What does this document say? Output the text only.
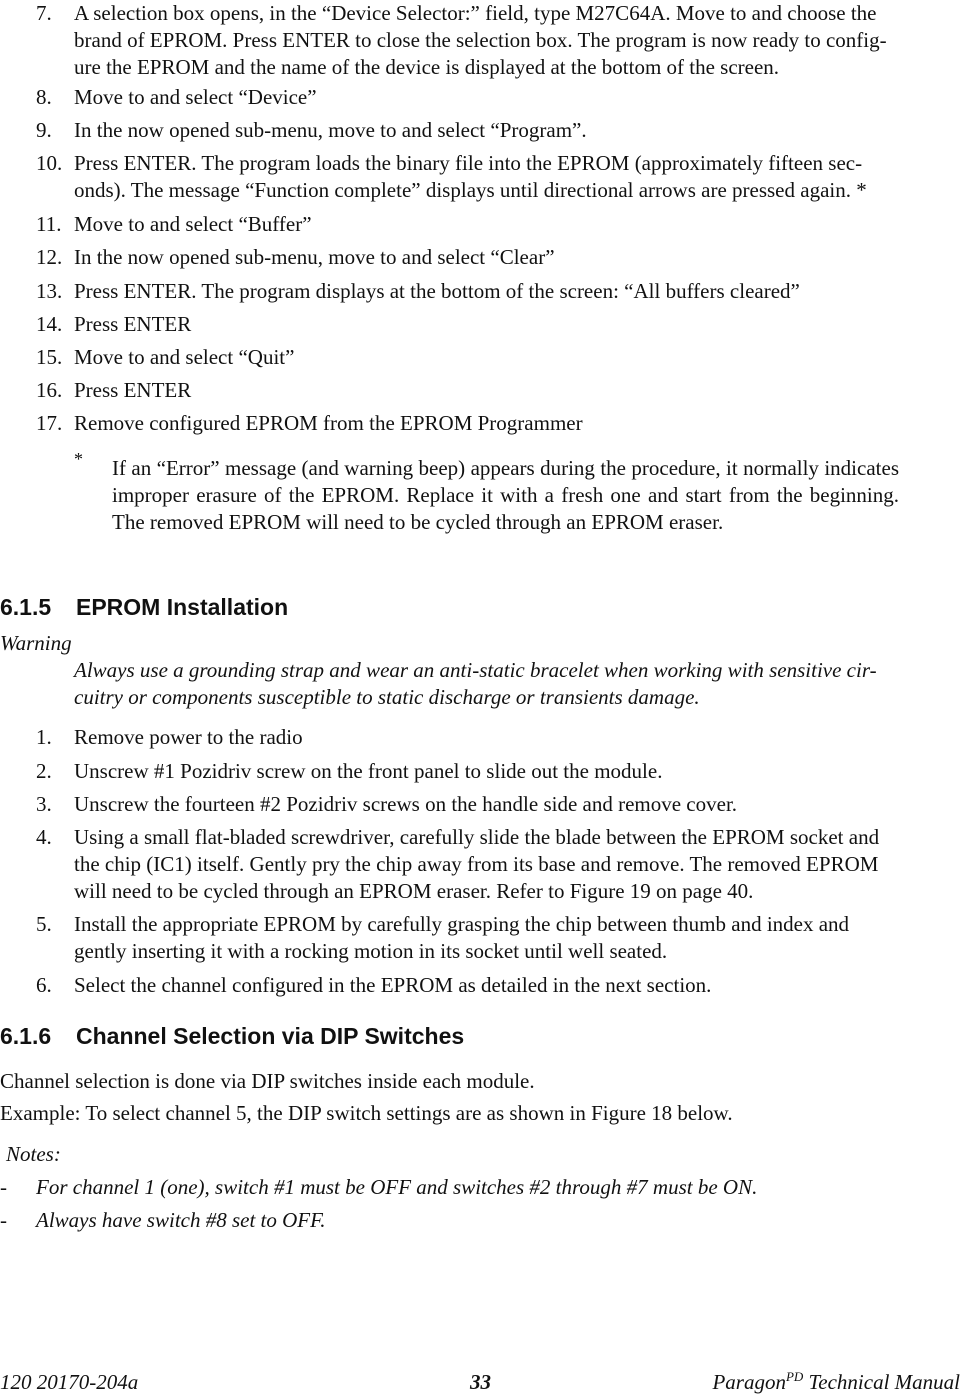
7. A selection box opens, in the “Device Selector:” field, type M27C64A. Move to and choose the
brand of EPROM. Press ENTER to close the selection box. The program is now ready to config-
ure the EPROM and the name of the device is displayed at the bottom of the screen.
8. Move to and select “Device”
9. In the now opened sub-menu, move to and select “Program”.
10. Press ENTER. The program loads the binary file into the EPROM (approximately fifteen sec-
onds). The message “Function complete” displays until directional arrows are pressed again. *
11. Move to and select “Buffer”
12. In the now opened sub-menu, move to and select “Clear”
13. Press ENTER. The program displays at the bottom of the screen: “All buffers cleared”
14. Press ENTER
15. Move to and select “Quit”
16. Press ENTER
17. Remove configured EPROM from the EPROM Programmer
* If an “Error” message (and warning beep) appears during the procedure, it normally indicates improper erasure of the EPROM. Replace it with a fresh one and start from the beginning. The removed EPROM will need to be cycled through an EPROM eraser.
6.1.5 EPROM Installation
Warning
Always use a grounding strap and wear an anti-static bracelet when working with sensitive cir-
cuitry or components susceptible to static discharge or transients damage.
1. Remove power to the radio
2. Unscrew #1 Pozidriv screw on the front panel to slide out the module.
3. Unscrew the fourteen #2 Pozidriv screws on the handle side and remove cover.
4. Using a small flat-bladed screwdriver, carefully slide the blade between the EPROM socket and
the chip (IC1) itself. Gently pry the chip away from its base and remove. The removed EPROM
will need to be cycled through an EPROM eraser. Refer to Figure 19 on page 40.
5. Install the appropriate EPROM by carefully grasping the chip between thumb and index and
gently inserting it with a rocking motion in its socket until well seated.
6. Select the channel configured in the EPROM as detailed in the next section.
6.1.6 Channel Selection via DIP Switches
Channel selection is done via DIP switches inside each module.
Example: To select channel 5, the DIP switch settings are as shown in Figure 18 below.
Notes:
- For channel 1 (one), switch #1 must be OFF and switches #2 through #7 must be ON.
- Always have switch #8 set to OFF.
120 20170-204a	33	Paragon$^{PD}$ Technical Manual
